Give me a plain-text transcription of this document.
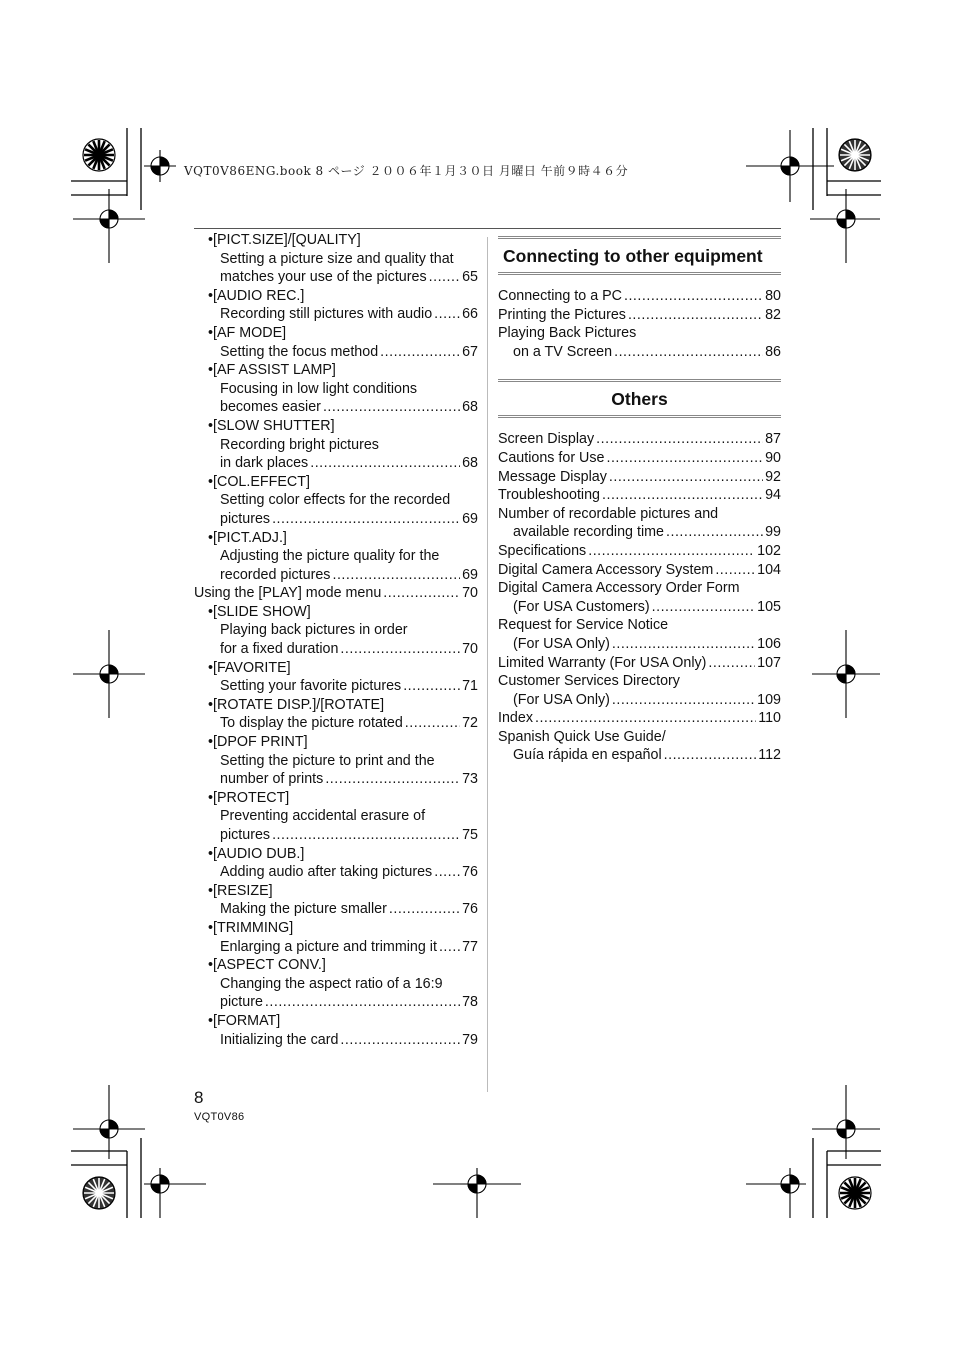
VQT0V86ENG.book 8 ページ ２００６年１月３０日 月曜日 午前９時４６分
• [PICT.SIZE]/[QUALITY]
Setting a picture size and quality that
matches your use of the pictures ..... 65
• [AUDIO REC.]
Recording still pictures with audio ..... 66
• [AF MODE]
Setting the focus method .....	67
• [AF ASSIST LAMP]
Focusing in low light conditions
becomes easier .....	68
• [SLOW SHUTTER]
Recording bright pictures
in dark places .....	68
• [COL.EFFECT]
Setting color effects for the recorded
pictures .....	69
• [PICT.ADJ.]
Adjusting the picture quality for the
recorded pictures .....	69
Using the [PLAY] mode menu .....	70
• [SLIDE SHOW]
Playing back pictures in order
for a fixed duration .....	70
• [FAVORITE]
Setting your favorite pictures .....	71
• [ROTATE DISP.]/[ROTATE]
To display the picture rotated .....	72
• [DPOF PRINT]
Setting the picture to print and the
number of prints .....	73
• [PROTECT]
Preventing accidental erasure of
pictures .....	75
• [AUDIO DUB.]
Adding audio after taking pictures ..... 76
• [RESIZE]
Making the picture smaller .....	76
• [TRIMMING]
Enlarging a picture and trimming it ..... 77
• [ASPECT CONV.]
Changing the aspect ratio of a 16:9
picture .....	78
• [FORMAT]
Initializing the card .....	79
Connecting to other equipment
Connecting to a PC .....	80
Printing the Pictures .....	82
Playing Back Pictures
on a TV Screen .....	86
Others
Screen Display .....	87
Cautions for Use .....	90
Message Display .....	92
Troubleshooting .....	94
Number of recordable pictures and
available recording time .....	99
Specifications .....	102
Digital Camera Accessory System .....	104
Digital Camera Accessory Order Form
(For USA Customers) .....	105
Request for Service Notice
(For USA Only) .....	106
Limited Warranty (For USA Only) .....	107
Customer Services Directory
(For USA Only) .....	109
Index .....	110
Spanish Quick Use Guide/
Guía rápida en español .....	112
8
VQT0V86
